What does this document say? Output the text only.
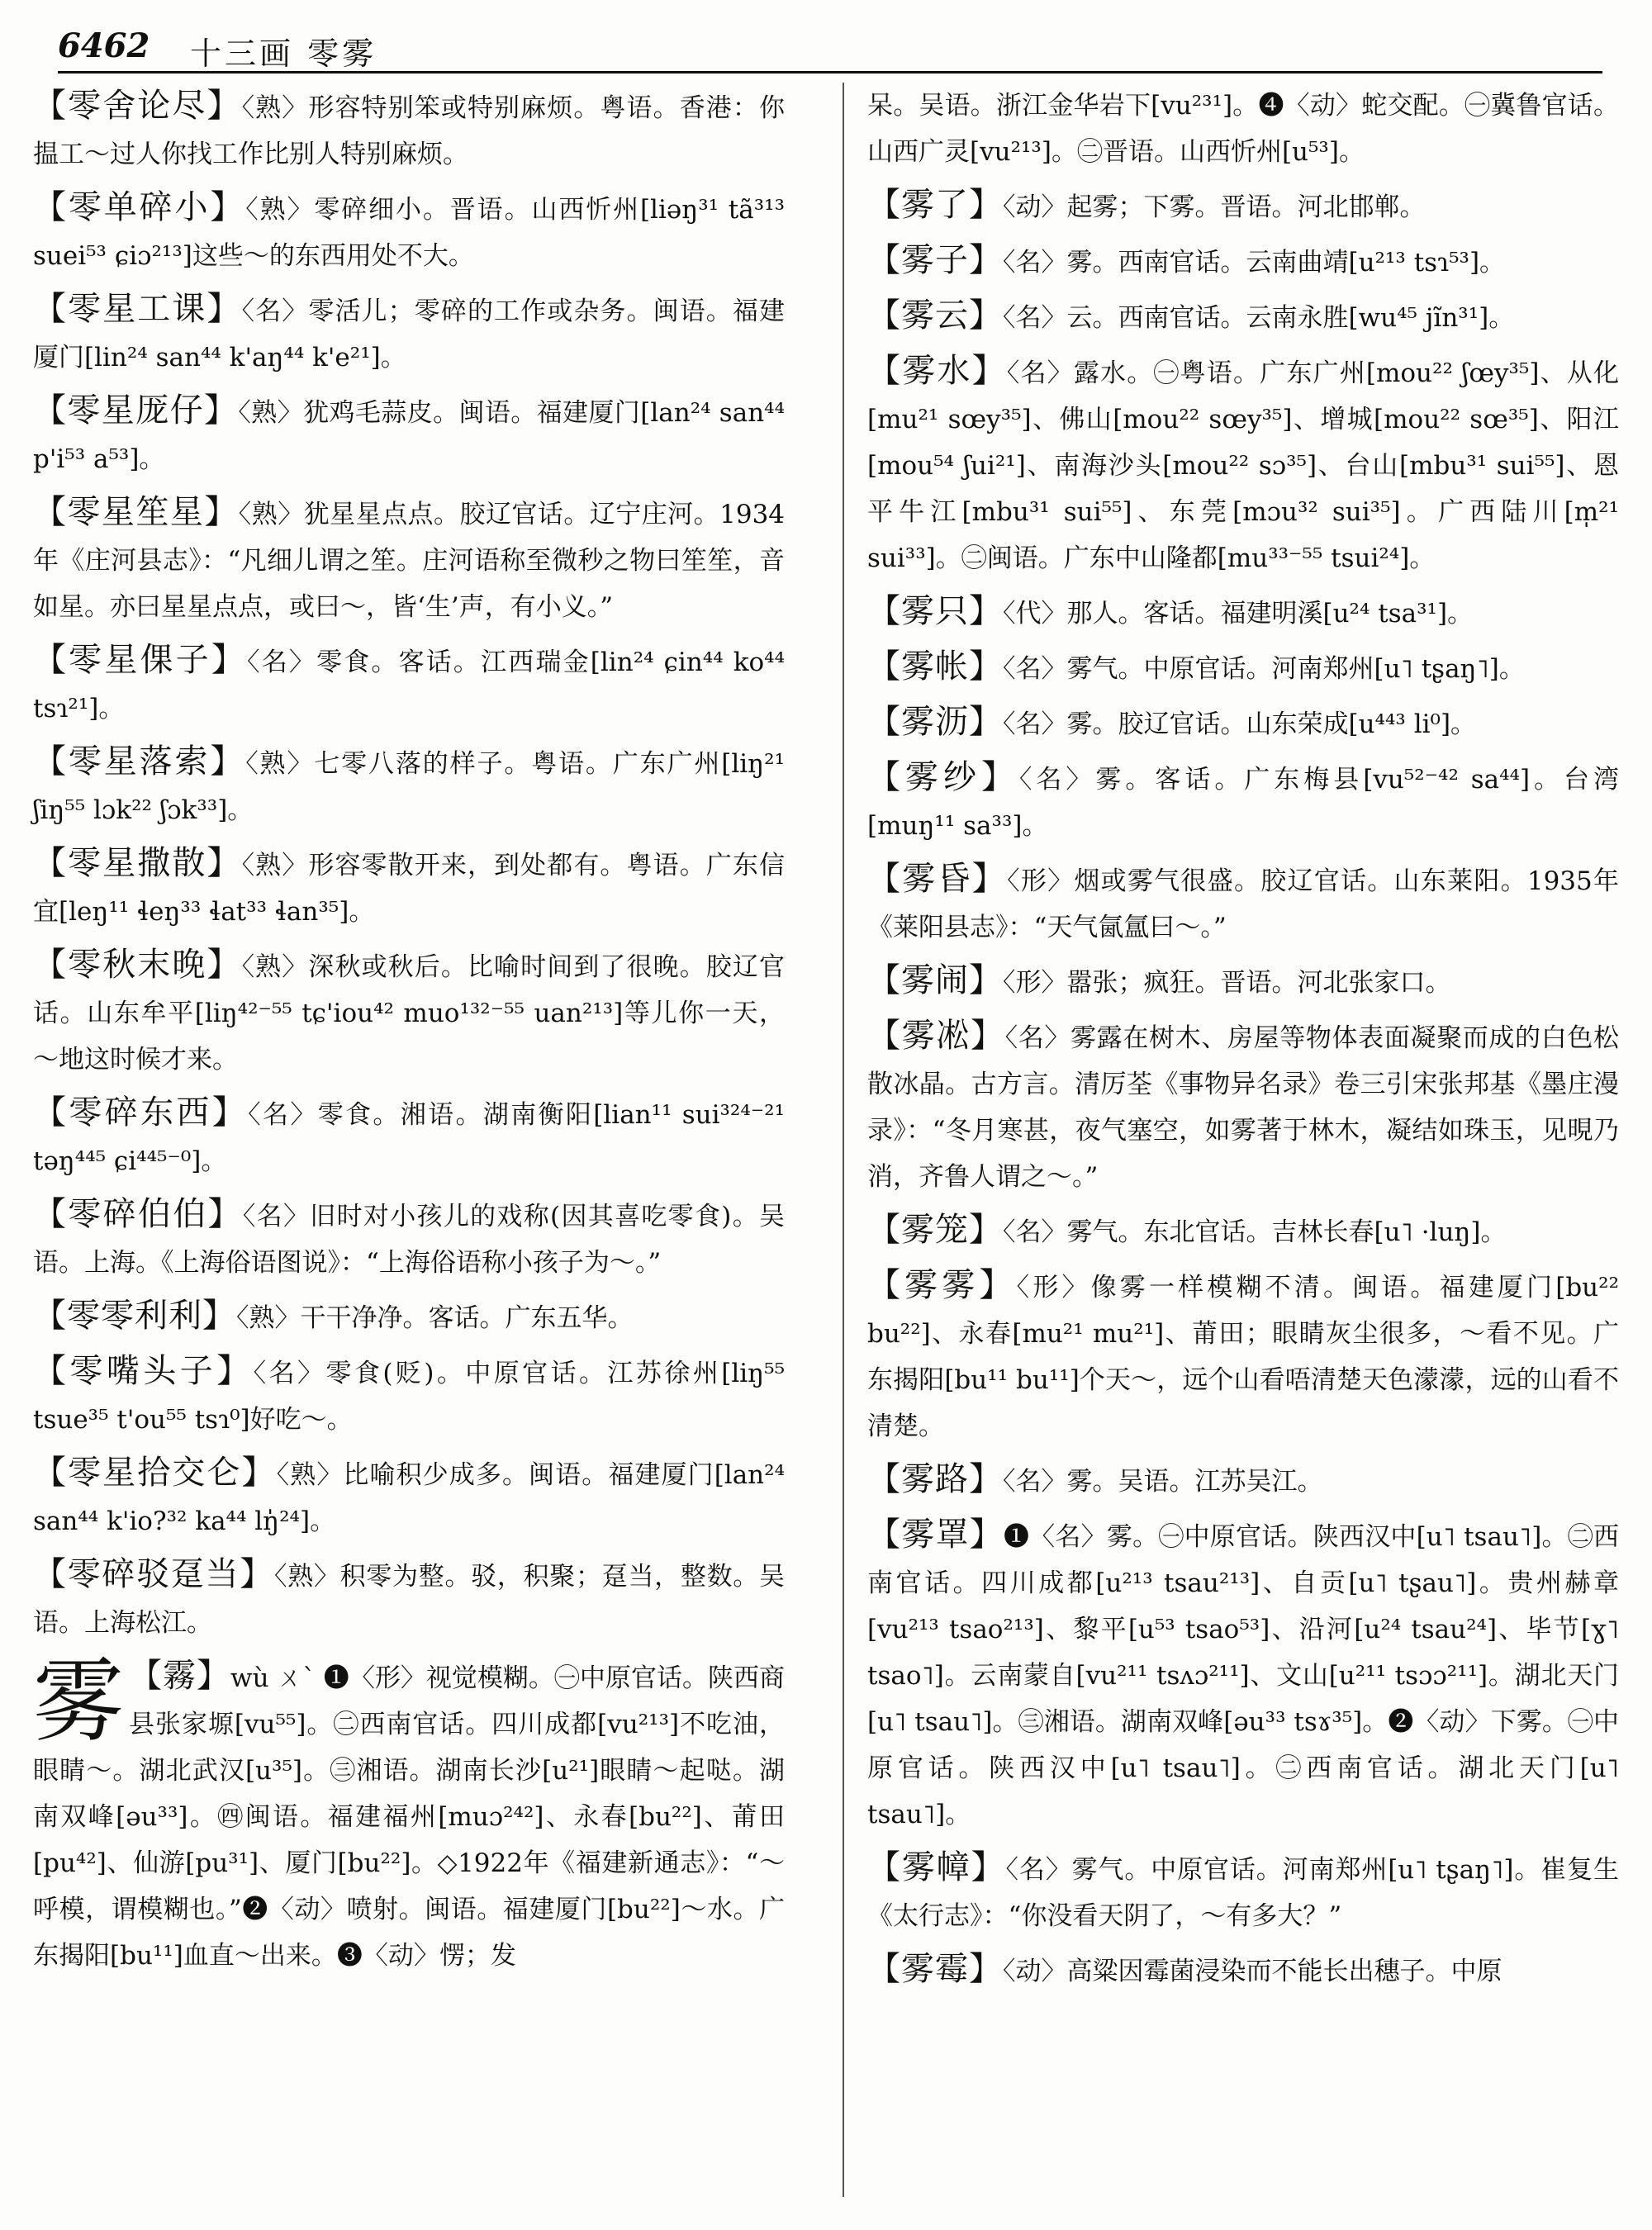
6462 十三画 零雾
【零舍论尽】〈熟〉形容特别笨或特别麻烦。粤语。香港：你揾工～过人你找工作比别人特别麻烦。
【零单碎小】〈熟〉零碎细小。晋语。山西忻州[liəŋ³¹ tã³¹³ suei⁵³ ɕiɔ²¹³]这些～的东西用处不大。
【零星工课】〈名〉零活儿；零碎的工作或杂务。闽语。福建厦门[lin²⁴ san⁴⁴ k'aŋ⁴⁴ k'e²¹]。
【零星厐仔】〈熟〉犹鸡毛蒜皮。闽语。福建厦门[lan²⁴ san⁴⁴ p'i⁵³ a⁵³]。
【零星笙星】〈熟〉犹星星点点。胶辽官话。辽宁庄河。1934年《庄河县志》：“凡细儿谓之笙。庄河语称至微秒之物曰笙笙，音如星。亦曰星星点点，或曰～，皆‘生’声，有小义。”
【零星倮子】〈名〉零食。客话。江西瑞金[lin²⁴ ɕin⁴⁴ ko⁴⁴ tsɿ²¹]。
【零星落索】〈熟〉七零八落的样子。粤语。广东广州[liŋ²¹ ʃiŋ⁵⁵ lɔk²² ʃɔk³³]。
【零星撒散】〈熟〉形容零散开来，到处都有。粤语。广东信宜[leŋ¹¹ ɬeŋ³³ ɬat³³ ɬan³⁵]。
【零秋末晚】〈熟〉深秋或秋后。比喻时间到了很晚。胶辽官话。山东牟平[liŋ⁴²⁻⁵⁵ tɕ'iou⁴² muo¹³²⁻⁵⁵ uan²¹³]等儿你一天，～地这时候才来。
【零碎东西】〈名〉零食。湘语。湖南衡阳[lian¹¹ sui³²⁴⁻²¹ təŋ⁴⁴⁵ ɕi⁴⁴⁵⁻⁰]。
【零碎伯伯】〈名〉旧时对小孩儿的戏称(因其喜吃零食)。吴语。上海。《上海俗语图说》：“上海俗语称小孩子为～。”
【零零利利】〈熟〉干干净净。客话。广东五华。
【零嘴头子】〈名〉零食(贬)。中原官话。江苏徐州[liŋ⁵⁵ tsue³⁵ t'ou⁵⁵ tsɿ⁰]好吃～。
【零星拾交仑】〈熟〉比喻积少成多。闽语。福建厦门[lan²⁴ san⁴⁴ k'io?³² ka⁴⁴ lŋ̍²⁴]。
【零碎驳趸当】〈熟〉积零为整。驳，积聚；趸当，整数。吴语。上海松江。
雾 【霧】wù ㄨˋ ❶〈形〉视觉模糊。㊀中原官话。陕西商县张家塬[vu⁵⁵]。㊁西南官话。四川成都[vu²¹³]不吃油，眼睛～。湖北武汉[u³⁵]。㊂湘语。湖南长沙[u²¹]眼睛～起哒。湖南双峰[əu³³]。㊃闽语。福建福州[muɔ²⁴²]、永春[bu²²]、莆田[pu⁴²]、仙游[pu³¹]、厦门[bu²²]。◇1922年《福建新通志》：“～呼模，谓模糊也。”❷〈动〉喷射。闽语。福建厦门[bu²²]～水。广东揭阳[bu¹¹]血直～出来。❸〈动〉愣；发
呆。吴语。浙江金华岩下[vu²³¹]。❹〈动〉蛇交配。㊀冀鲁官话。山西广灵[vu²¹³]。㊁晋语。山西忻州[u⁵³]。
【雾了】〈动〉起雾；下雾。晋语。河北邯郸。
【雾子】〈名〉雾。西南官话。云南曲靖[u²¹³ tsɿ⁵³]。
【雾云】〈名〉云。西南官话。云南永胜[wu⁴⁵ jĩn³¹]。
【雾水】〈名〉露水。㊀粤语。广东广州[mou²² ʃœy³⁵]、从化[mu²¹ sœy³⁵]、佛山[mou²² sœy³⁵]、增城[mou²² sœ³⁵]、阳江[mou⁵⁴ ʃui²¹]、南海沙头[mou²² sɔ³⁵]、台山[mbu³¹ sui⁵⁵]、恩平牛江[mbu³¹ sui⁵⁵]、东莞[mɔu³² sui³⁵]。广西陆川[m̩²¹ sui³³]。㊁闽语。广东中山隆都[mu³³⁻⁵⁵ tsui²⁴]。
【雾只】〈代〉那人。客话。福建明溪[u²⁴ tsa³¹]。
【雾帐】〈名〉雾气。中原官话。河南郑州[u˥ tʂaŋ˥]。
【雾沥】〈名〉雾。胶辽官话。山东荣成[u⁴⁴³ li⁰]。
【雾纱】〈名〉雾。客话。广东梅县[vu⁵²⁻⁴² sa⁴⁴]。台湾[muŋ¹¹ sa³³]。
【雾昏】〈形〉烟或雾气很盛。胶辽官话。山东莱阳。1935年《莱阳县志》：“天气氤氲曰～。”
【雾闹】〈形〉嚣张；疯狂。晋语。河北张家口。
【雾凇】〈名〉雾露在树木、房屋等物体表面凝聚而成的白色松散冰晶。古方言。清厉荃《事物异名录》卷三引宋张邦基《墨庄漫录》：“冬月寒甚，夜气塞空，如雾著于林木，凝结如珠玉，见晛乃消，齐鲁人谓之～。”
【雾笼】〈名〉雾气。东北官话。吉林长春[u˥ ·luŋ]。
【雾雾】〈形〉像雾一样模糊不清。闽语。福建厦门[bu²² bu²²]、永春[mu²¹ mu²¹]、莆田；眼睛灰尘很多，～看不见。广东揭阳[bu¹¹ bu¹¹]个天～，远个山看唔清楚天色濛濛，远的山看不清楚。
【雾路】〈名〉雾。吴语。江苏吴江。
【雾罩】❶〈名〉雾。㊀中原官话。陕西汉中[u˥ tsau˥]。㊁西南官话。四川成都[u²¹³ tsau²¹³]、自贡[u˥ tʂau˥]。贵州赫章[vu²¹³ tsao²¹³]、黎平[u⁵³ tsao⁵³]、沿河[u²⁴ tsau²⁴]、毕节[ɣ˥ tsao˥]。云南蒙自[vu²¹¹ tsʌɔ²¹¹]、文山[u²¹¹ tsɔɔ²¹¹]。湖北天门[u˥ tsau˥]。㊂湘语。湖南双峰[əu³³ tsɤ³⁵]。❷〈动〉下雾。㊀中原官话。陕西汉中[u˥ tsau˥]。㊁西南官话。湖北天门[u˥ tsau˥]。
【雾幛】〈名〉雾气。中原官话。河南郑州[u˥ tʂaŋ˥]。崔复生《太行志》：“你没看天阴了，～有多大？”
【雾霉】〈动〉高粱因霉菌浸染而不能长出穗子。中原
